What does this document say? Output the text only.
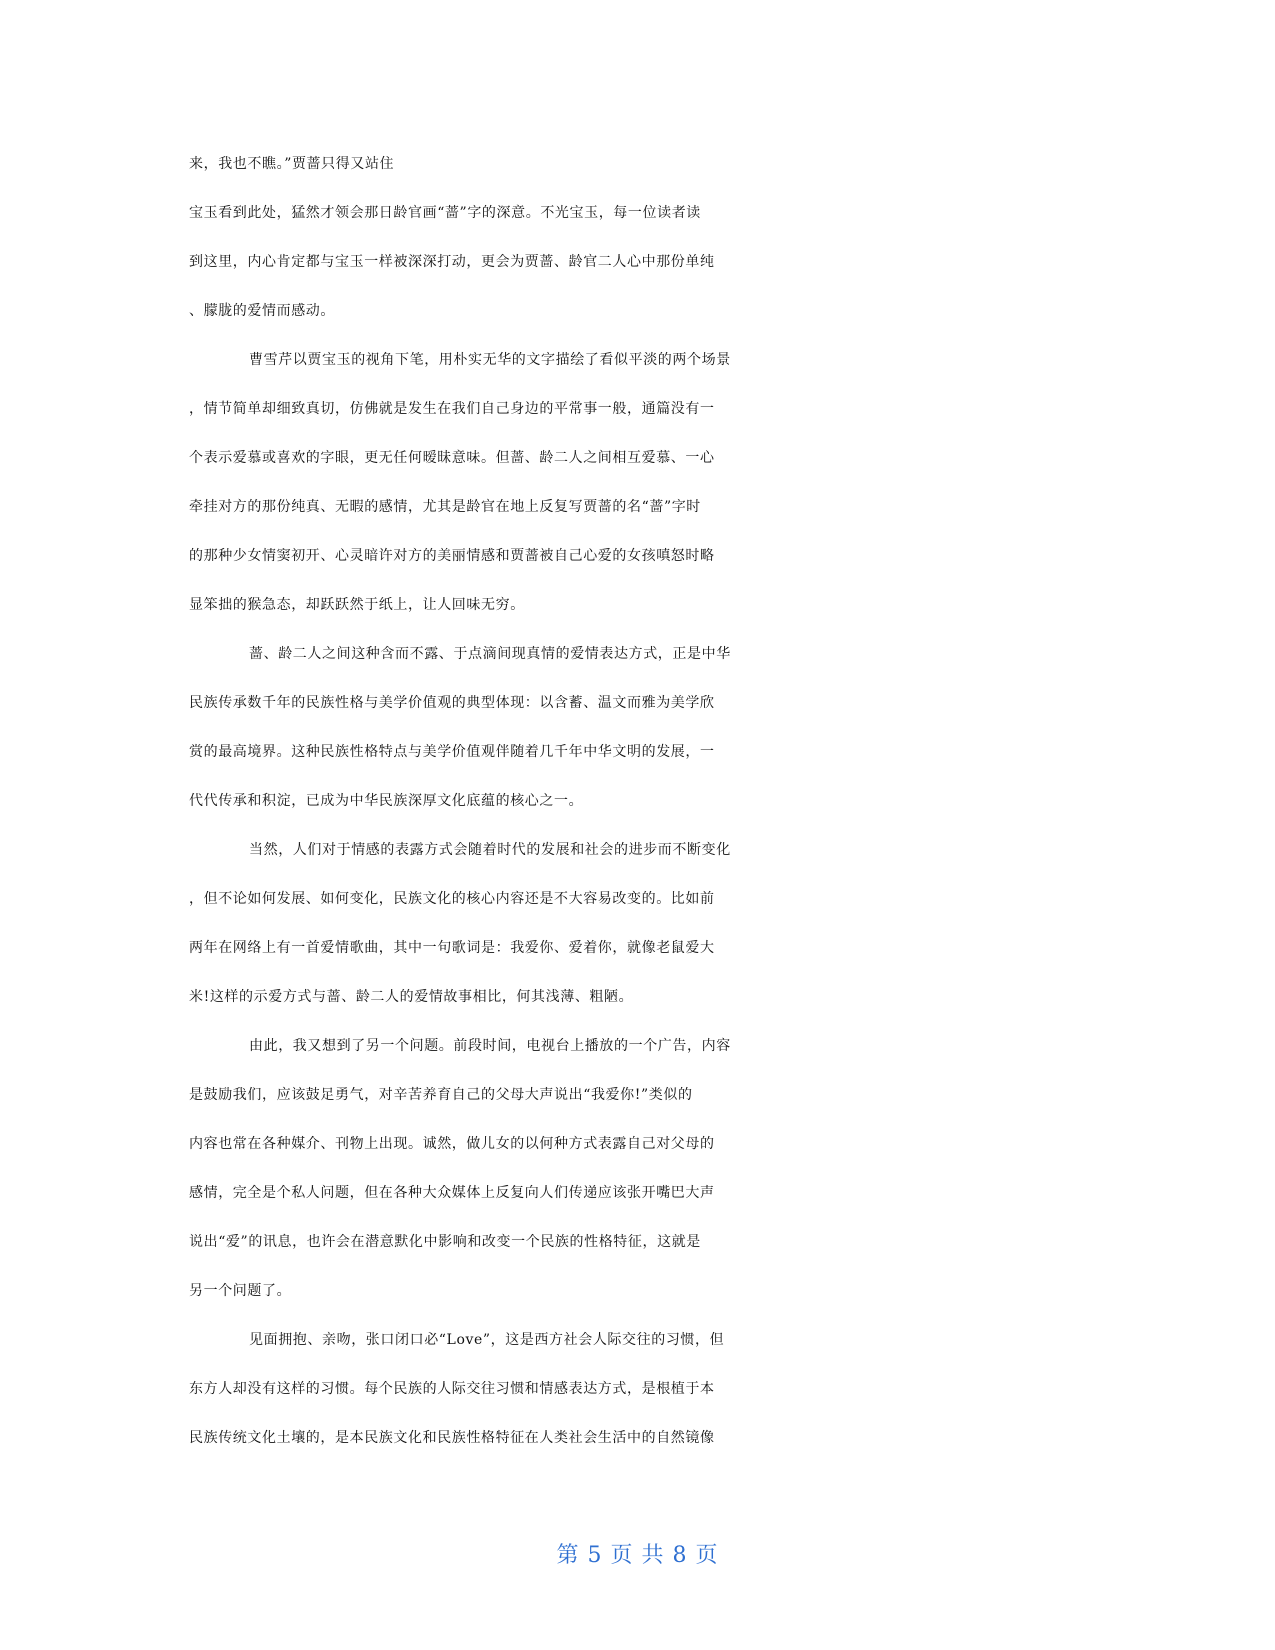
来，我也不瞧。”贾蔷只得又站住
宝玉看到此处，猛然才领会那日龄官画“蔷”字的深意。不光宝玉，每一位读者读
到这里，内心肯定都与宝玉一样被深深打动，更会为贾蔷、龄官二人心中那份单纯
、朦胧的爱情而感动。
曹雪芹以贾宝玉的视角下笔，用朴实无华的文字描绘了看似平淡的两个场景
，情节简单却细致真切，仿佛就是发生在我们自己身边的平常事一般，通篇没有一
个表示爱慕或喜欢的字眼，更无任何暧昧意味。但蔷、龄二人之间相互爱慕、一心
牵挂对方的那份纯真、无暇的感情，尤其是龄官在地上反复写贾蔷的名“蔷”字时
的那种少女情窦初开、心灵暗许对方的美丽情感和贾蔷被自己心爱的女孩嗔怒时略
显笨拙的猴急态，却跃跃然于纸上，让人回味无穷。
蔷、龄二人之间这种含而不露、于点滴间现真情的爱情表达方式，正是中华
民族传承数千年的民族性格与美学价值观的典型体现：以含蓄、温文而雅为美学欣
赏的最高境界。这种民族性格特点与美学价值观伴随着几千年中华文明的发展，一
代代传承和积淀，已成为中华民族深厚文化底蕴的核心之一。
当然，人们对于情感的表露方式会随着时代的发展和社会的进步而不断变化
，但不论如何发展、如何变化，民族文化的核心内容还是不大容易改变的。比如前
两年在网络上有一首爱情歌曲，其中一句歌词是：我爱你、爱着你，就像老鼠爱大
米!这样的示爱方式与蔷、龄二人的爱情故事相比，何其浅薄、粗陋。
由此，我又想到了另一个问题。前段时间，电视台上播放的一个广告，内容
是鼓励我们，应该鼓足勇气，对辛苦养育自己的父母大声说出“我爱你!”类似的
内容也常在各种媒介、刊物上出现。诚然，做儿女的以何种方式表露自己对父母的
感情，完全是个私人问题，但在各种大众媒体上反复向人们传递应该张开嘴巴大声
说出“爱”的讯息，也许会在潜意默化中影响和改变一个民族的性格特征，这就是
另一个问题了。
见面拥抱、亲吻，张口闭口必“Love”，这是西方社会人际交往的习惯，但
东方人却没有这样的习惯。每个民族的人际交往习惯和情感表达方式，是根植于本
民族传统文化土壤的，是本民族文化和民族性格特征在人类社会生活中的自然镜像
第 5 页 共 8 页
